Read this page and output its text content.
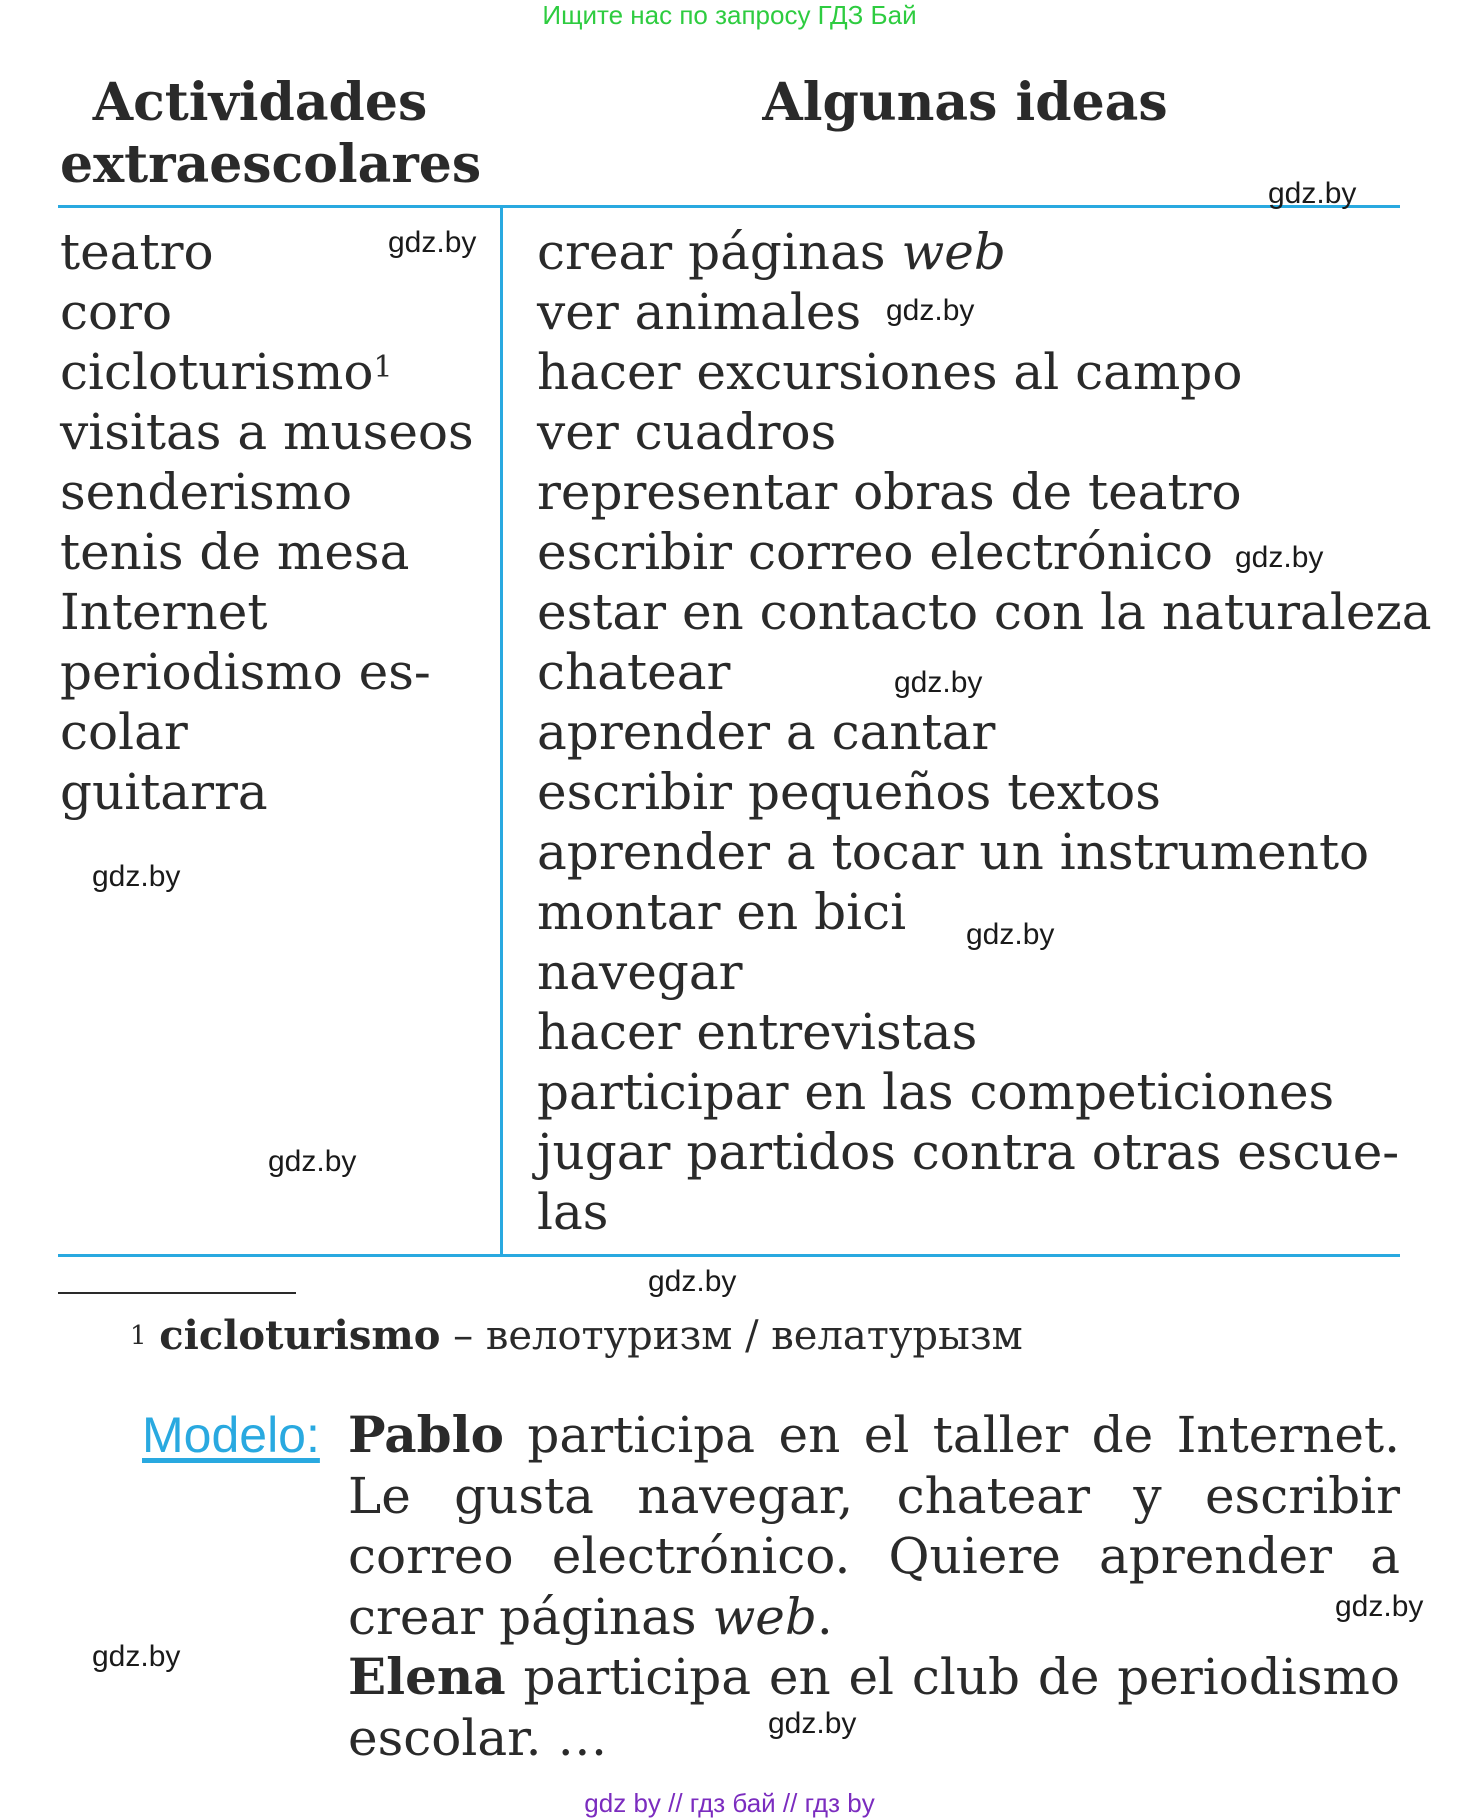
Ищите нас по запросу ГДЗ Бай
Actividades
extraescolares
Algunas ideas
teatro
coro
cicloturismo$^1$
visitas a museos
senderismo
tenis de mesa
Internet
periodismo es-
colar
guitarra
crear páginas web
ver animales
hacer excursiones al campo
ver cuadros
representar obras de teatro
escribir correo electrónico
estar en contacto con la naturaleza
chatear
aprender a cantar
escribir pequeños textos
aprender a tocar un instrumento
montar en bici
navegar
hacer entrevistas
participar en las competiciones
jugar partidos contra otras escue-
las
gdz.by
gdz.by
gdz.by
gdz.by
gdz.by
gdz.by
gdz.by
gdz.by
gdz.by
gdz.by
gdz.by
gdz.by
$^1$ cicloturismo – велотуризм / велатурызм
Modelo: Pablo participa en el taller de Internet. Le gusta navegar, chatear y escribir correo electrónico. Quiere aprender a crear páginas web.

Elena participa en el club de periodismo escolar. …

gdz by // гдз бай // гдз by
